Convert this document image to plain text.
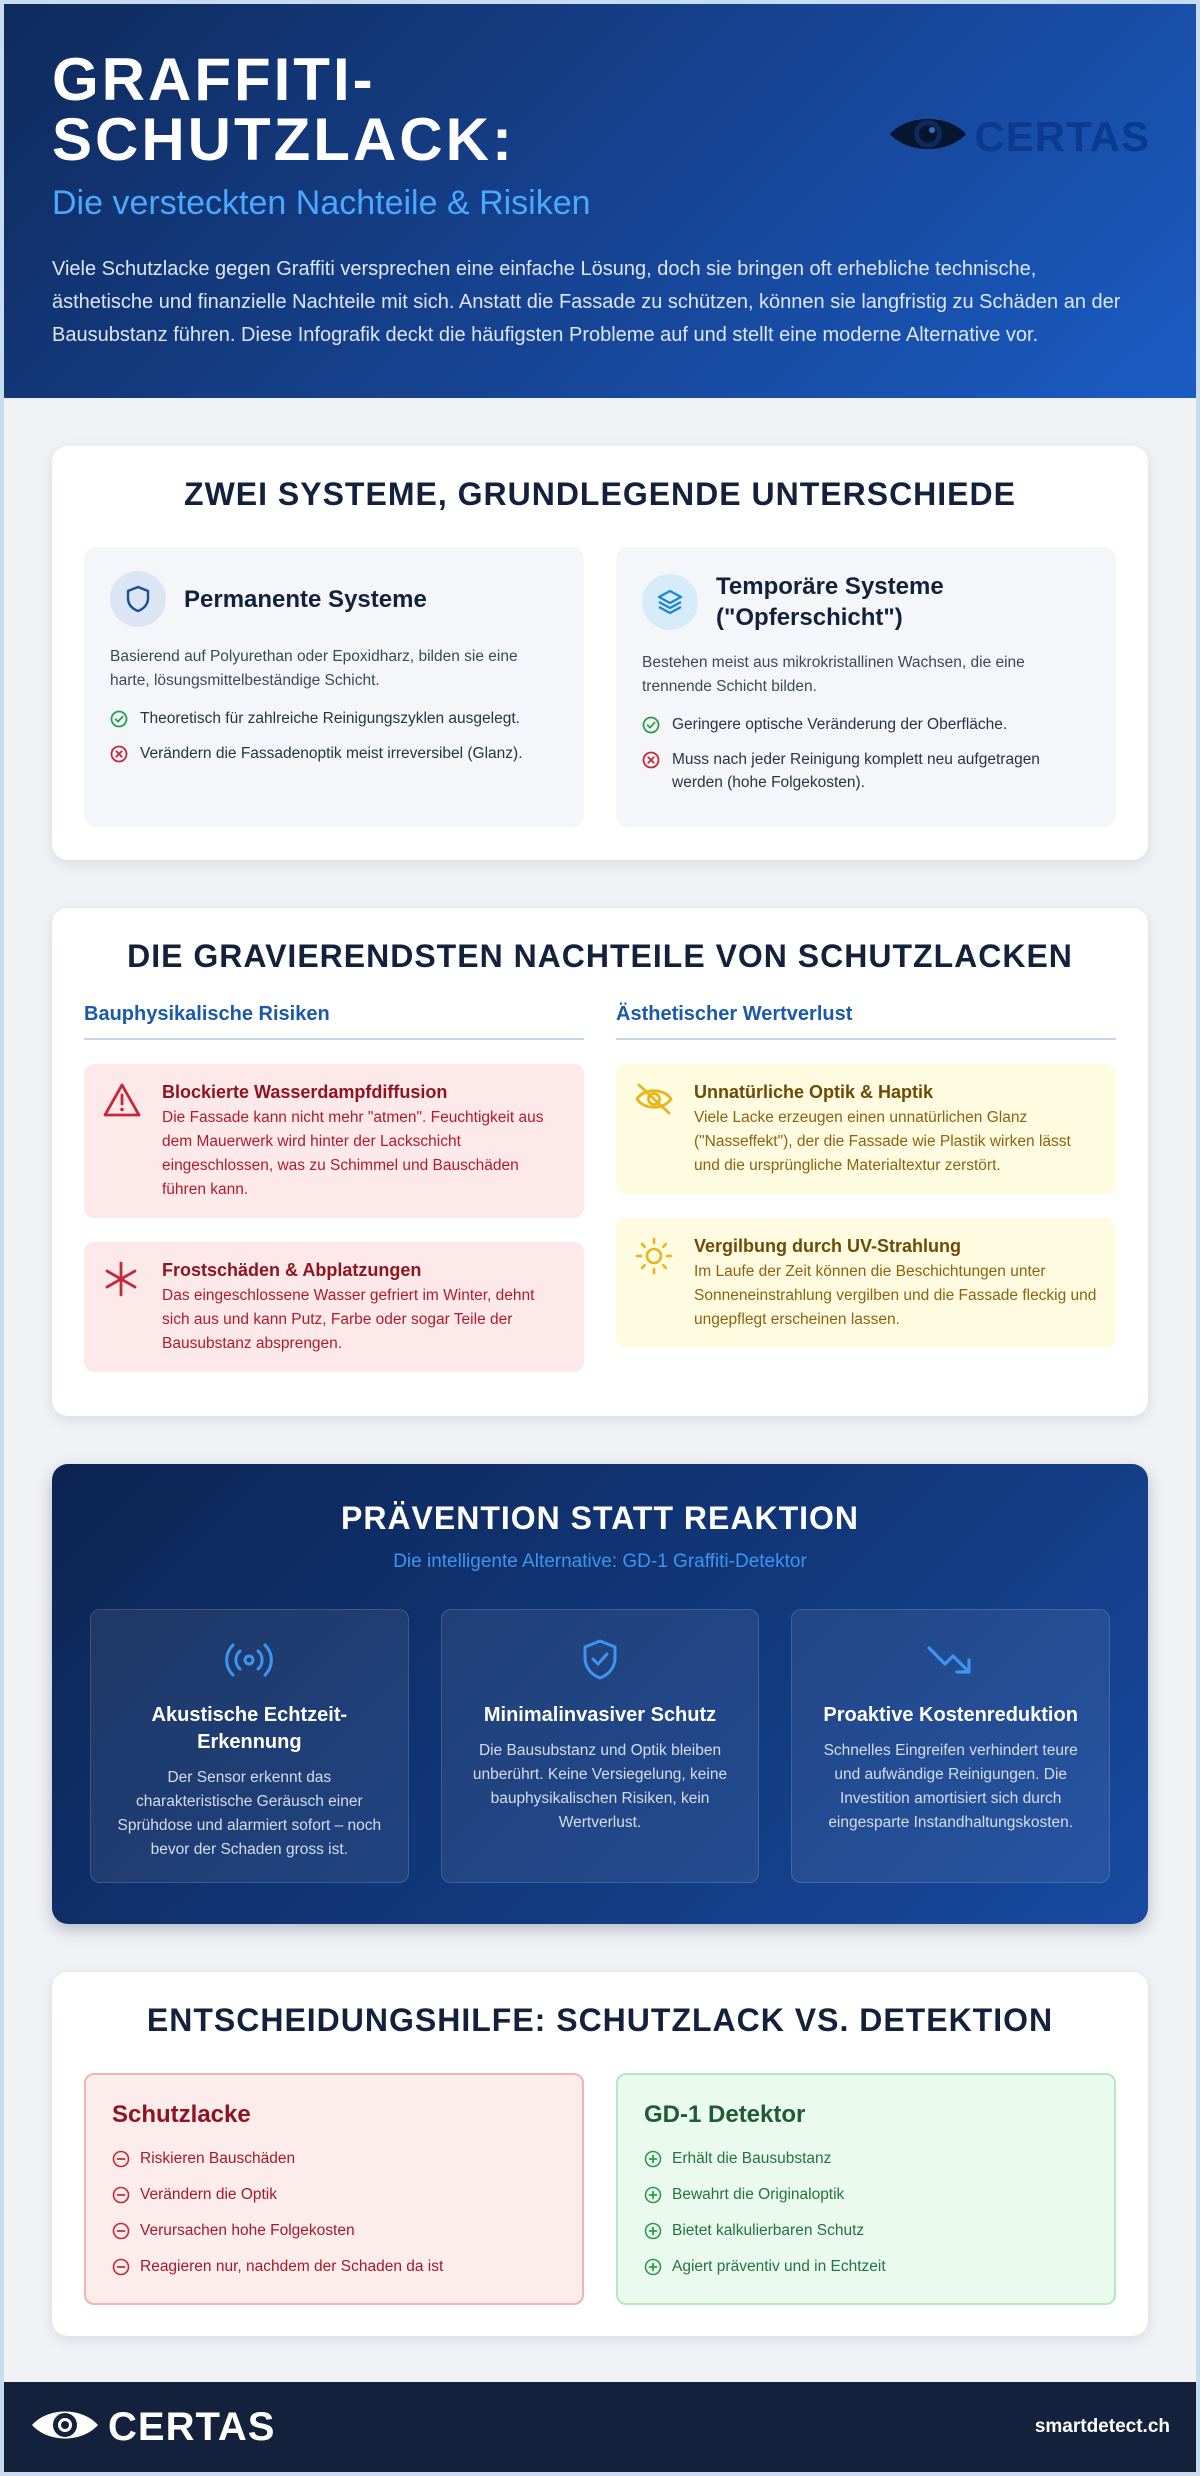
GRAFFITI-SCHUTZLACK:
Die versteckten Nachteile & Risiken

Viele Schutzlacke gegen Graffiti versprechen eine einfache Lösung, doch sie bringen oft erhebliche technische, ästhetische und finanzielle Nachteile mit sich. Anstatt die Fassade zu schützen, können sie langfristig zu Schäden an der Bausubstanz führen. Diese Infografik deckt die häufigsten Probleme auf und stellt eine moderne Alternative vor.

CERTAS
ZWEI SYSTEME, GRUNDLEGENDE UNTERSCHIEDE
Permanente Systeme

Basierend auf Polyurethan oder Epoxidharz, bilden sie eine harte, lösungsmittelbeständige Schicht.

Theoretisch für zahlreiche Reinigungszyklen ausgelegt.
Verändern die Fassadenoptik meist irreversibel (Glanz).
Temporäre Systeme ("Opferschicht")

Bestehen meist aus mikrokristallinen Wachsen, die eine trennende Schicht bilden.

Geringere optische Veränderung der Oberfläche.
Muss nach jeder Reinigung komplett neu aufgetragen werden (hohe Folgekosten).
DIE GRAVIERENDSTEN NACHTEILE VON SCHUTZLACKEN
Bauphysikalische Risiken
Blockierte Wasserdampfdiffusion
Die Fassade kann nicht mehr "atmen". Feuchtigkeit aus dem Mauerwerk wird hinter der Lackschicht eingeschlossen, was zu Schimmel und Bauschäden führen kann.
Frostschäden & Abplatzungen
Das eingeschlossene Wasser gefriert im Winter, dehnt sich aus und kann Putz, Farbe oder sogar Teile der Bausubstanz absprengen.
Ästhetischer Wertverlust
Unnatürliche Optik & Haptik
Viele Lacke erzeugen einen unnatürlichen Glanz ("Nasseffekt"), der die Fassade wie Plastik wirken lässt und die ursprüngliche Materialtextur zerstört.
Vergilbung durch UV-Strahlung
Im Laufe der Zeit können die Beschichtungen unter Sonneneinstrahlung vergilben und die Fassade fleckig und ungepflegt erscheinen lassen.
PRÄVENTION STATT REAKTION

Die intelligente Alternative: GD-1 Graffiti-Detektor

Akustische Echtzeit-Erkennung
Der Sensor erkennt das charakteristische Geräusch einer Sprühdose und alarmiert sofort – noch bevor der Schaden gross ist.
Minimalinvasiver Schutz
Die Bausubstanz und Optik bleiben unberührt. Keine Versiegelung, keine bauphysikalischen Risiken, kein Wertverlust.
Proaktive Kostenreduktion
Schnelles Eingreifen verhindert teure und aufwändige Reinigungen. Die Investition amortisiert sich durch eingesparte Instandhaltungskosten.
ENTSCHEIDUNGSHILFE: SCHUTZLACK VS. DETEKTION
Schutzlacke
Riskieren Bauschäden
Verändern die Optik
Verursachen hohe Folgekosten
Reagieren nur, nachdem der Schaden da ist
GD-1 Detektor
Erhält die Bausubstanz
Bewahrt die Originaloptik
Bietet kalkulierbaren Schutz
Agiert präventiv und in Echtzeit
CERTAS	smartdetect.ch
